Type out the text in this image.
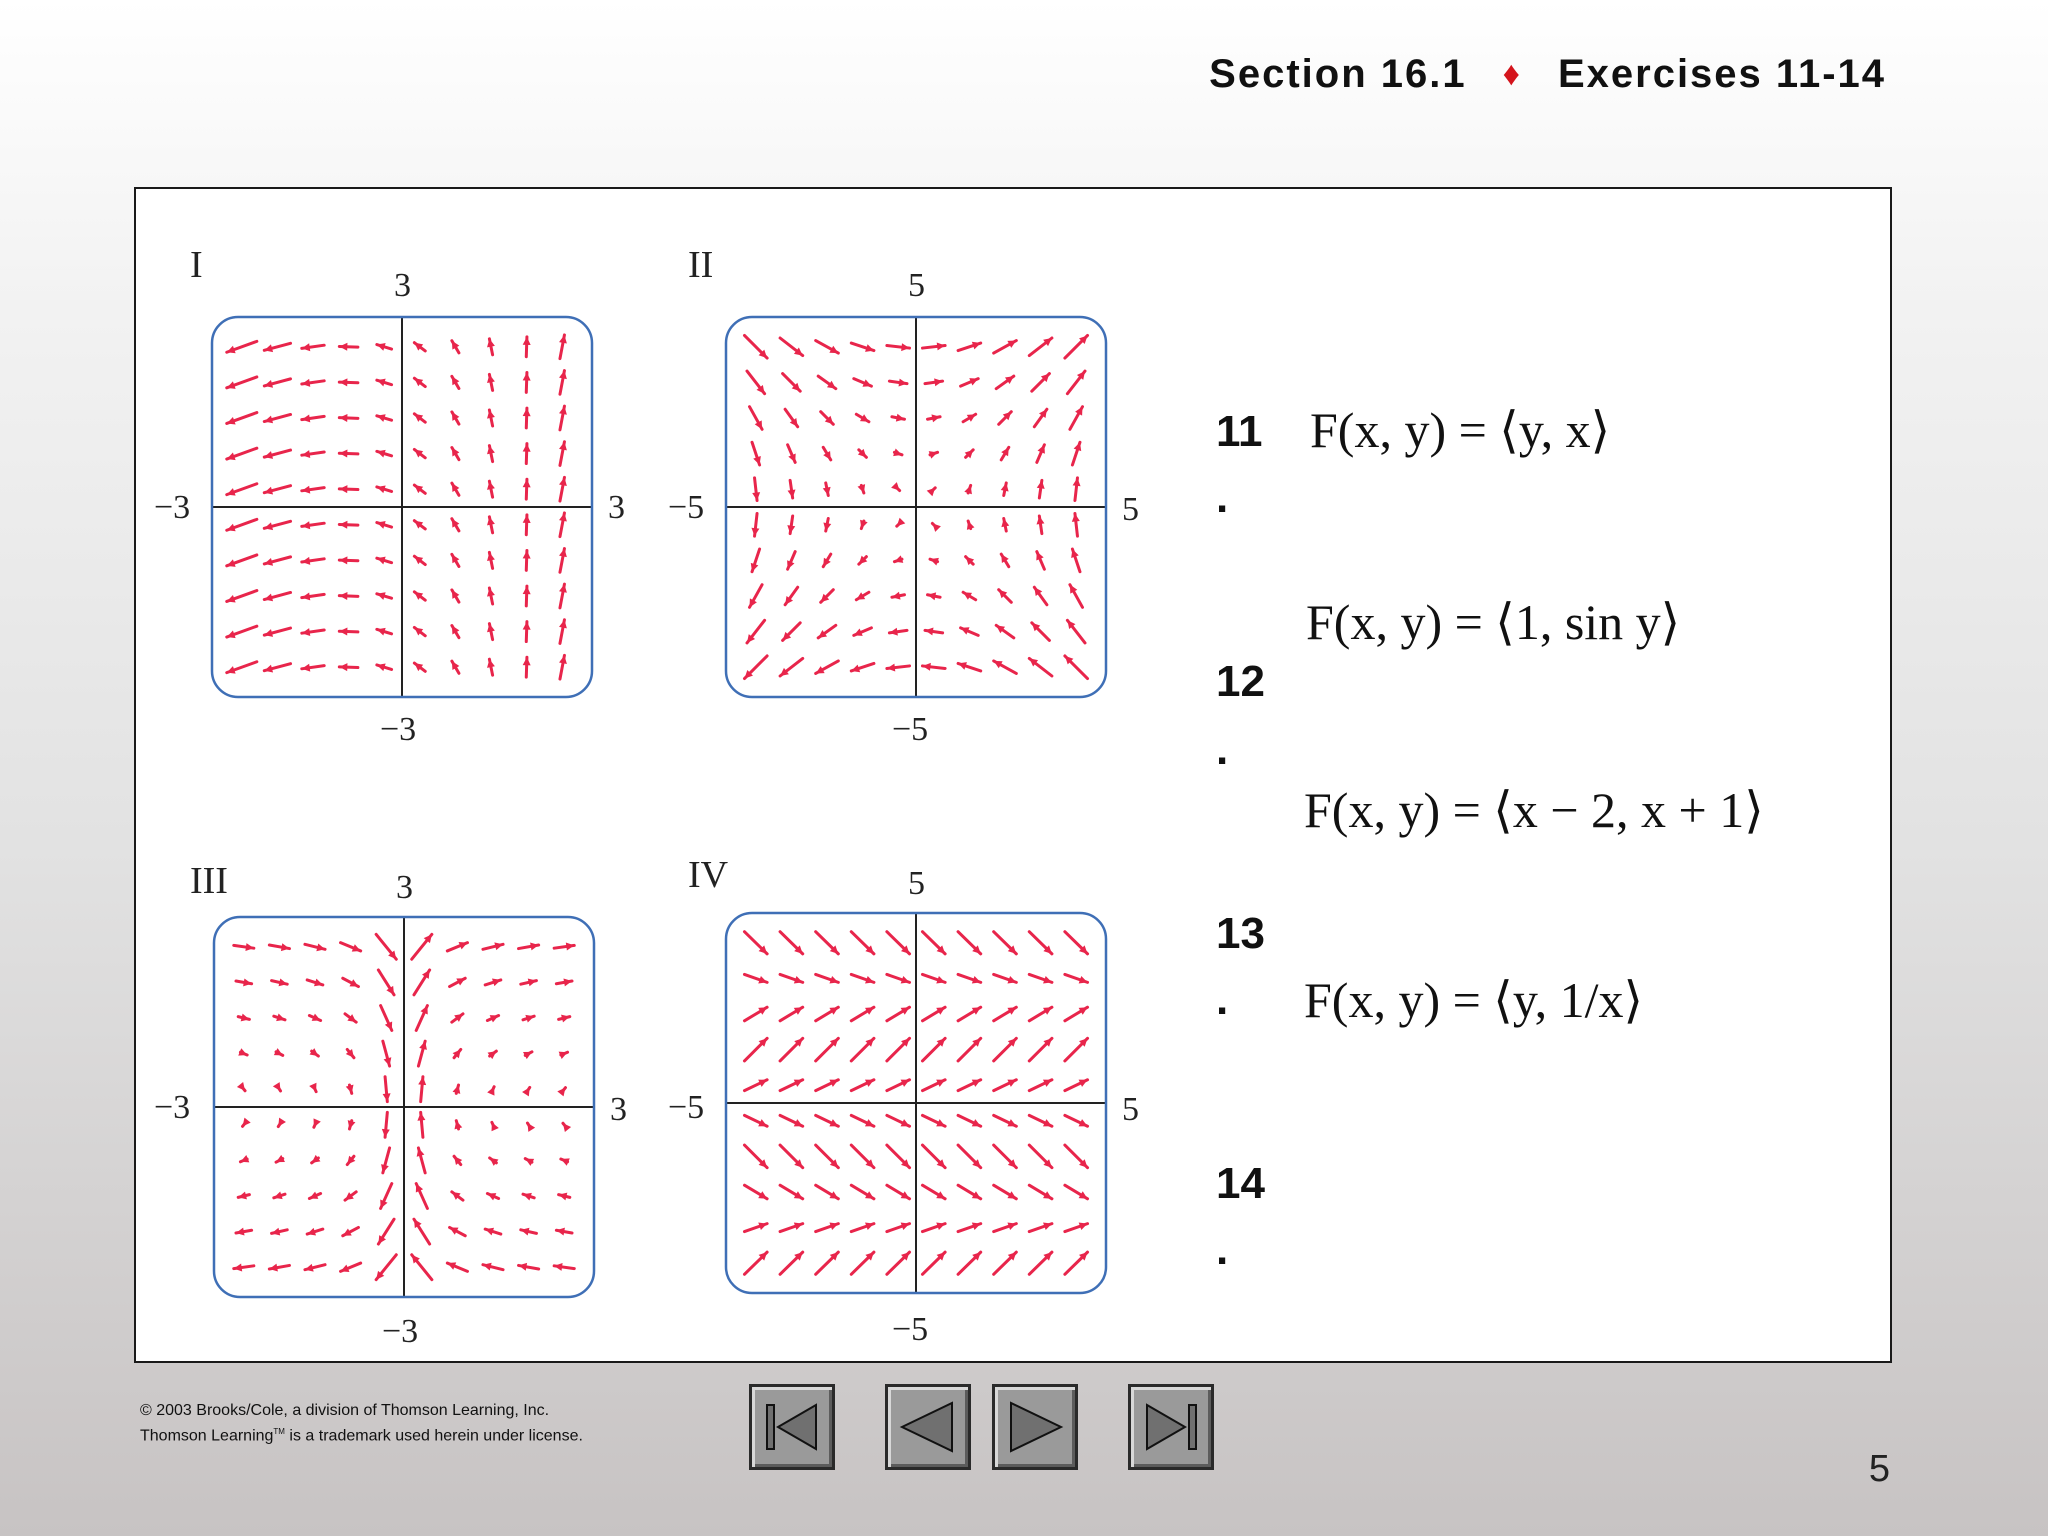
Section 16.1 ♦ Exercises 11-14
I	3
−3	3
−3
II	5
−5	5
−5
III	3
−3	3
−3
IV	5
−5	5
−5
11
.
F(x, y) = ⟨y, x⟩
12
.
F(x, y) = ⟨1, sin y⟩
13
.
F(x, y) = ⟨x − 2, x + 1⟩
14
.
F(x, y) = ⟨y, 1/x⟩
© 2003 Brooks/Cole, a division of Thomson Learning, Inc.
Thomson Learning™ is a trademark used herein under license.
5
